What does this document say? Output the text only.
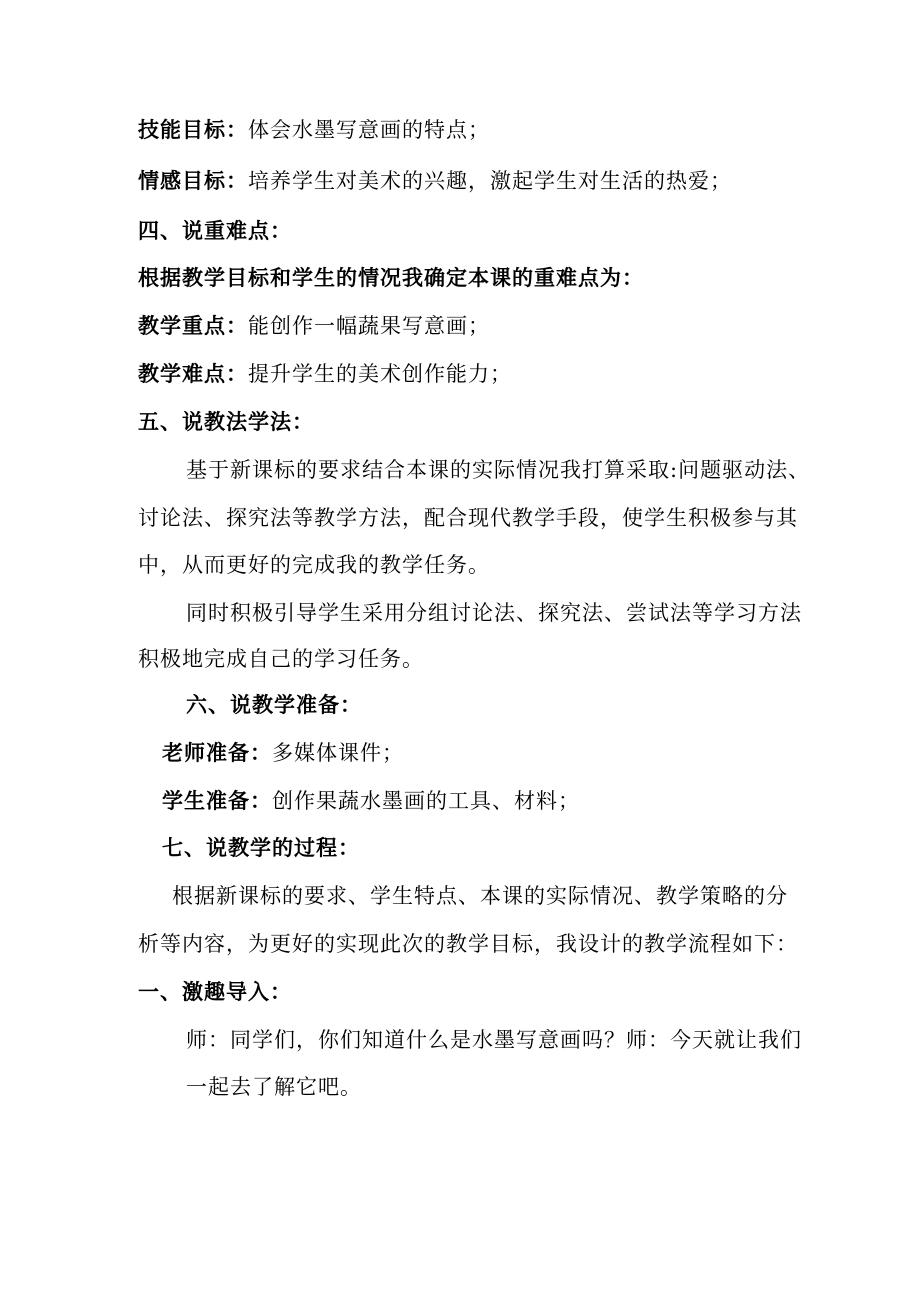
技能目标：体会水墨写意画的特点；
情感目标：培养学生对美术的兴趣，激起学生对生活的热爱；
四、说重难点：
根据教学目标和学生的情况我确定本课的重难点为：
教学重点：能创作一幅蔬果写意画；
教学难点：提升学生的美术创作能力；
五、说教法学法：
基于新课标的要求结合本课的实际情况我打算采取:问题驱动法、
讨论法、探究法等教学方法，配合现代教学手段，使学生积极参与其
中，从而更好的完成我的教学任务。
同时积极引导学生采用分组讨论法、探究法、尝试法等学习方法
积极地完成自己的学习任务。
六、说教学准备：
老师准备：多媒体课件；
学生准备：创作果蔬水墨画的工具、材料；
七、说教学的过程：
根据新课标的要求、学生特点、本课的实际情况、教学策略的分
析等内容，为更好的实现此次的教学目标，我设计的教学流程如下：
一、激趣导入：
师：同学们，你们知道什么是水墨写意画吗？师：今天就让我们
一起去了解它吧。
